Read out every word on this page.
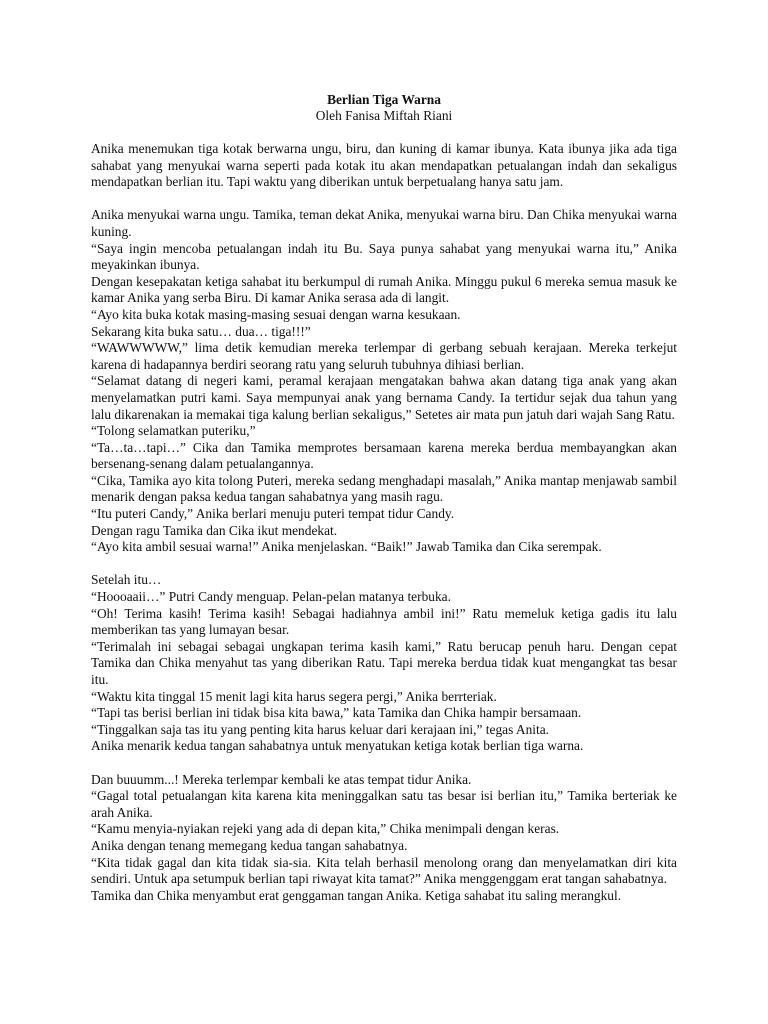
Berlian Tiga Warna
Oleh Fanisa Miftah Riani

Anika menemukan tiga kotak berwarna ungu, biru, dan kuning di kamar ibunya. Kata ibunya jika ada tiga sahabat yang menyukai warna seperti pada kotak itu akan mendapatkan petualangan indah dan sekaligus mendapatkan berlian itu. Tapi waktu yang diberikan untuk berpetualang hanya satu jam.

Anika menyukai warna ungu. Tamika, teman dekat Anika, menyukai warna biru. Dan Chika menyukai warna kuning.

“Saya ingin mencoba petualangan indah itu Bu. Saya punya sahabat yang menyukai warna itu,” Anika meyakinkan ibunya.

Dengan kesepakatan ketiga sahabat itu berkumpul di rumah Anika. Minggu pukul 6 mereka semua masuk ke kamar Anika yang serba Biru. Di kamar Anika serasa ada di langit.

“Ayo kita buka kotak masing-masing sesuai dengan warna kesukaan.

Sekarang kita buka satu… dua… tiga!!!”

“WAWWWWW,” lima detik kemudian mereka terlempar di gerbang sebuah kerajaan. Mereka terkejut karena di hadapannya berdiri seorang ratu yang seluruh tubuhnya dihiasi berlian.

“Selamat datang di negeri kami, peramal kerajaan mengatakan bahwa akan datang tiga anak yang akan menyelamatkan putri kami. Saya mempunyai anak yang bernama Candy. Ia tertidur sejak dua tahun yang lalu dikarenakan ia memakai tiga kalung berlian sekaligus,” Setetes air mata pun jatuh dari wajah Sang Ratu.

“Tolong selamatkan puteriku,”

“Ta…ta…tapi…” Cika dan Tamika memprotes bersamaan karena mereka berdua membayangkan akan bersenang-senang dalam petualangannya.

“Cika, Tamika ayo kita tolong Puteri, mereka sedang menghadapi masalah,” Anika mantap menjawab sambil menarik dengan paksa kedua tangan sahabatnya yang masih ragu.

“Itu puteri Candy,” Anika berlari menuju puteri tempat tidur Candy.

Dengan ragu Tamika dan Cika ikut mendekat.

“Ayo kita ambil sesuai warna!” Anika menjelaskan. “Baik!” Jawab Tamika dan Cika serempak.

Setelah itu…

“Hoooaaii…” Putri Candy menguap. Pelan-pelan matanya terbuka.

“Oh! Terima kasih! Terima kasih! Sebagai hadiahnya ambil ini!” Ratu memeluk ketiga gadis itu lalu memberikan tas yang lumayan besar.

“Terimalah ini sebagai sebagai ungkapan terima kasih kami,” Ratu berucap penuh haru. Dengan cepat Tamika dan Chika menyahut tas yang diberikan Ratu. Tapi mereka berdua tidak kuat mengangkat tas besar itu.

“Waktu kita tinggal 15 menit lagi kita harus segera pergi,” Anika berrteriak.

“Tapi tas berisi berlian ini tidak bisa kita bawa,” kata Tamika dan Chika hampir bersamaan.

“Tinggalkan saja tas itu yang penting kita harus keluar dari kerajaan ini,” tegas Anita.

Anika menarik kedua tangan sahabatnya untuk menyatukan ketiga kotak berlian tiga warna.

Dan buuumm...! Mereka terlempar kembali ke atas tempat tidur Anika.

“Gagal total petualangan kita karena kita meninggalkan satu tas besar isi berlian itu,” Tamika berteriak ke arah Anika.

“Kamu menyia-nyiakan rejeki yang ada di depan kita,” Chika menimpali dengan keras.

Anika dengan tenang memegang kedua tangan sahabatnya.

“Kita tidak gagal dan kita tidak sia-sia. Kita telah berhasil menolong orang dan menyelamatkan diri kita sendiri. Untuk apa setumpuk berlian tapi riwayat kita tamat?” Anika menggenggam erat tangan sahabatnya.

Tamika dan Chika menyambut erat genggaman tangan Anika. Ketiga sahabat itu saling merangkul.
